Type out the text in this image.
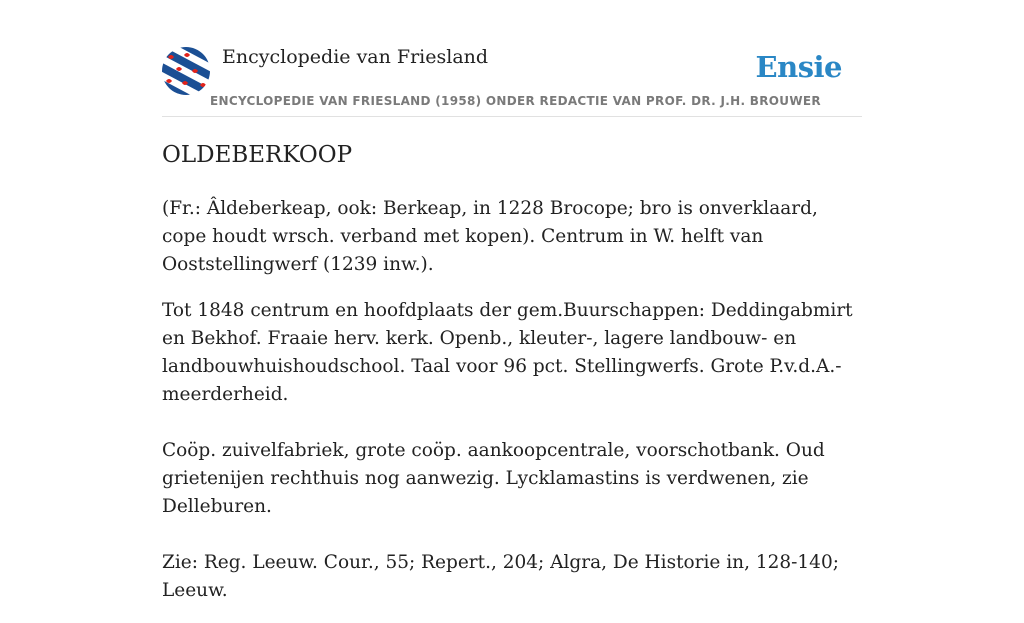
Encyclopedie van Friesland	Ensie
ENCYCLOPEDIE VAN FRIESLAND (1958) ONDER REDACTIE VAN PROF. DR. J.H. BROUWER
OLDEBERKOOP

(Fr.: Âldeberkeap, ook: Berkeap, in 1228 Brocope; bro is onverklaard, cope houdt wrsch. verband met kopen). Centrum in W. helft van Ooststellingwerf (1239 inw.).

Tot 1848 centrum en hoofdplaats der gem.Buurschappen: Deddingabmirt en Bekhof. Fraaie herv. kerk. Openb., kleuter-, lagere landbouw- en landbouwhuishoudschool. Taal voor 96 pct. Stellingwerfs. Grote P.v.d.A.-meerderheid.

Coöp. zuivelfabriek, grote coöp. aankoopcentrale, voorschotbank. Oud grietenijen rechthuis nog aanwezig. Lycklamastins is verdwenen, zie Delleburen.

Zie: Reg. Leeuw. Cour., 55; Repert., 204; Algra, De Historie in, 128-140; Leeuw.
